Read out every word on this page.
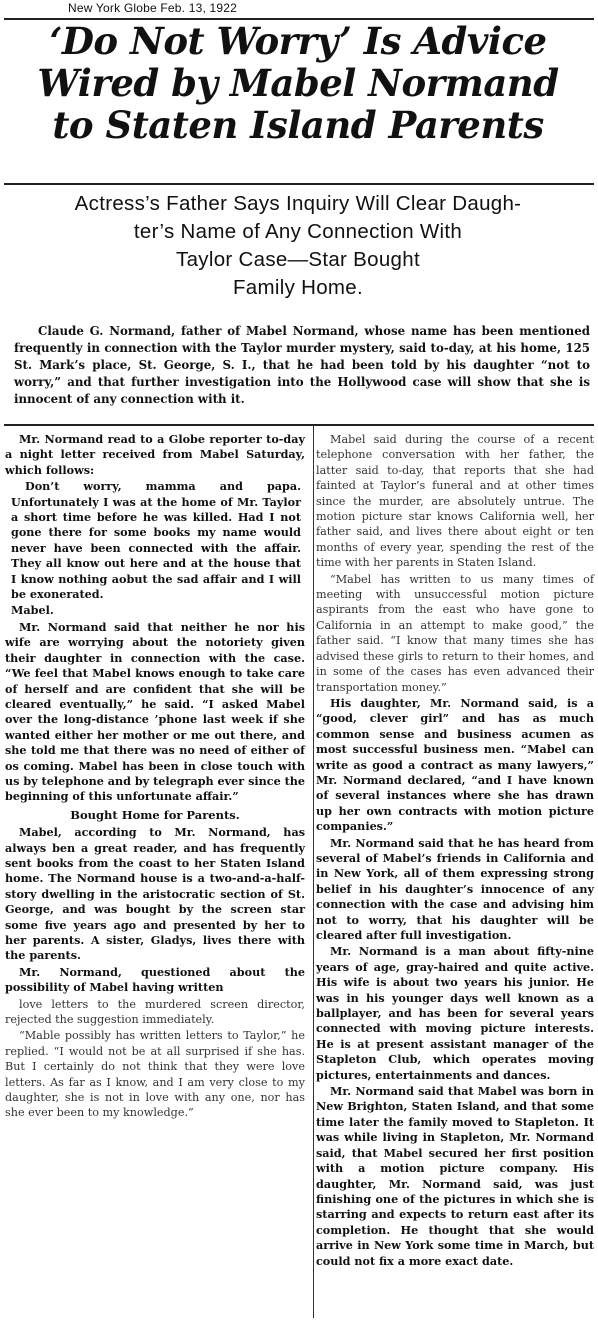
New York Globe Feb. 13, 1922
‘Do Not Worry’ Is Advice
Wired by Mabel Normand
to Staten Island Parents
Actress’s Father Says Inquiry Will Clear Daugh-
ter’s Name of Any Connection With
Taylor Case—Star Bought
Family Home.
Claude G. Normand, father of Mabel Normand, whose name has been mentioned frequently in connection with the Taylor murder mystery, said to-day, at his home, 125 St. Mark’s place, St. George, S. I., that he had been told by his daughter “not to worry,” and that further investigation into the Hollywood case will show that she is innocent of any connection with it.

Mr. Normand read to a Globe reporter to-day a night letter received from Mabel Saturday, which follows:

Don’t worry, mamma and papa. Unfortunately I was at the home of Mr. Taylor a short time before he was killed. Had I not gone there for some books my name would never have been connected with the affair. They all know out here and at the house that I know nothing aobut the sad affair and I will be exonerated.

Mabel.

Mr. Normand said that neither he nor his wife are worrying about the notoriety given their daughter in connection with the case. “We feel that Mabel knows enough to take care of herself and are confident that she will be cleared eventually,” he said. “I asked Mabel over the long-distance ’phone last week if she wanted either her mother or me out there, and she told me that there was no need of either of os coming. Mabel has been in close touch with us by telephone and by telegraph ever since the beginning of this unfortunate affair.”

Bought Home for Parents.

Mabel, according to Mr. Normand, has always ben a great reader, and has frequently sent books from the coast to her Staten Island home. The Normand house is a two-and-a-half-story dwelling in the aristocratic section of St. George, and was bought by the screen star some five years ago and presented by her to her parents. A sister, Gladys, lives there with the parents.

Mr. Normand, questioned about the possibility of Mabel having written

love letters to the murdered screen director, rejected the suggestion immediately.

“Mable possibly has written letters to Taylor,” he replied. “I would not be at all surprised if she has. But I certainly do not think that they were love letters. As far as I know, and I am very close to my daughter, she is not in love with any one, nor has she ever been to my knowledge.”

Mabel said during the course of a recent telephone conversation with her father, the latter said to-day, that reports that she had fainted at Taylor’s funeral and at other times since the murder, are absolutely untrue. The motion picture star knows California well, her father said, and lives there about eight or ten months of every year, spending the rest of the time with her parents in Staten Island.

“Mabel has written to us many times of meeting with unsuccessful motion picture aspirants from the east who have gone to California in an attempt to make good,” the father said. “I know that many times she has advised these girls to return to their homes, and in some of the cases has even advanced their transportation money.”

His daughter, Mr. Normand said, is a “good, clever girl” and has as much common sense and business acumen as most successful business men. “Mabel can write as good a contract as many lawyers,” Mr. Normand declared, “and I have known of several instances where she has drawn up her own contracts with motion picture companies.”

Mr. Normand said that he has heard from several of Mabel’s friends in California and in New York, all of them expressing strong belief in his daughter’s innocence of any connection with the case and advising him not to worry, that his daughter will be cleared after full investigation.

Mr. Normand is a man about fifty-nine years of age, gray-haired and quite active. His wife is about two years his junior. He was in his younger days well known as a ballplayer, and has been for several years connected with moving picture interests. He is at present assistant manager of the Stapleton Club, which operates moving pictures, entertainments and dances.

Mr. Normand said that Mabel was born in New Brighton, Staten Island, and that some time later the family moved to Stapleton. It was while living in Stapleton, Mr. Normand said, that Mabel secured her first position with a motion picture company. His daughter, Mr. Normand said, was just finishing one of the pictures in which she is starring and expects to return east after its completion. He thought that she would arrive in New York some time in March, but could not fix a more exact date.
